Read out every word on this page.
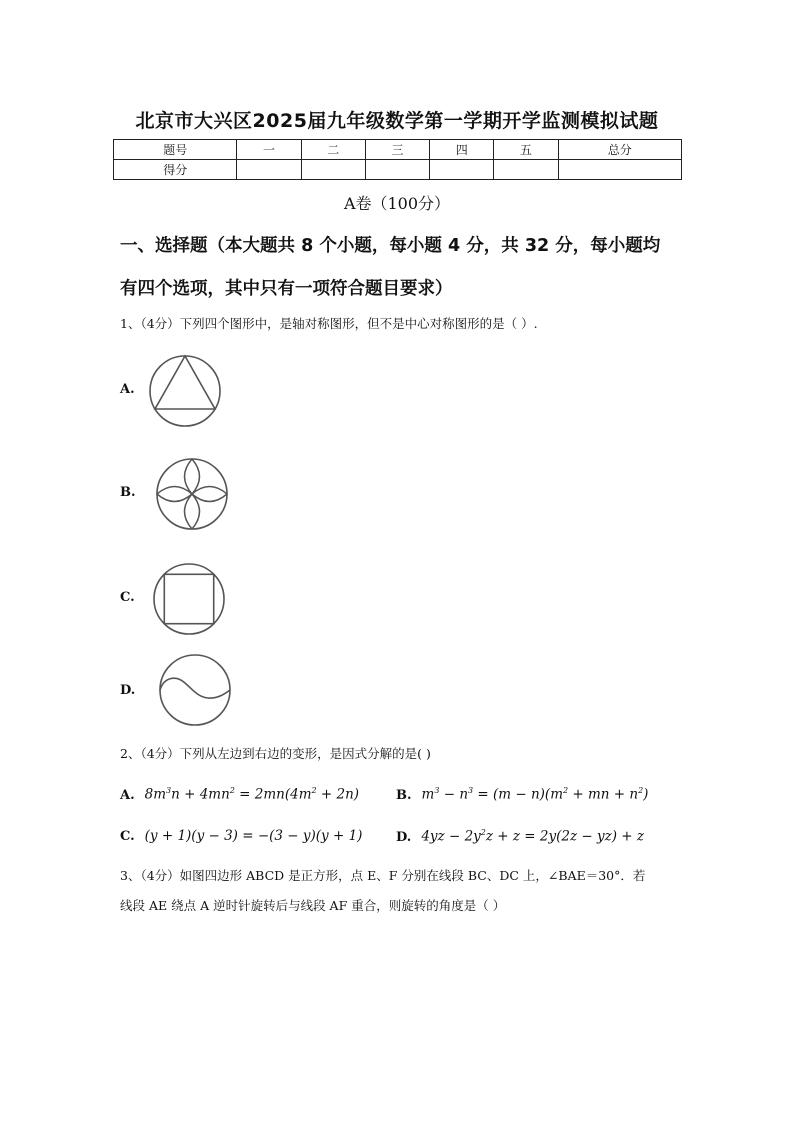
北京市大兴区2025届九年级数学第一学期开学监测模拟试题
题号	一	二	三	四	五	总分
得分						
A卷（100分）
一、选择题（本大题共 8 个小题，每小题 4 分，共 32 分，每小题均
有四个选项，其中只有一项符合题目要求）
1、（4分）下列四个图形中，是轴对称图形，但不是中心对称图形的是（ ）.
A.
B.
C.
D.
2、（4分）下列从左边到右边的变形，是因式分解的是( )
A. $8m^3n + 4mn^2 = 2mn(4m^2 + 2n)$	B. $m^3 - n^3 = (m - n)(m^2$ + mn + $n^2$)
C. (y + 1)(y − 3) = −(3 − y)(y + 1)	D. $4yz - 2y^2z + z = 2y(2z - yz) + z$
3、（4分）如图四边形 ABCD 是正方形，点 E、F 分别在线段 BC、DC 上，∠BAE＝30°．若
线段 AE 绕点 A 逆时针旋转后与线段 AF 重合，则旋转的角度是（ ）
